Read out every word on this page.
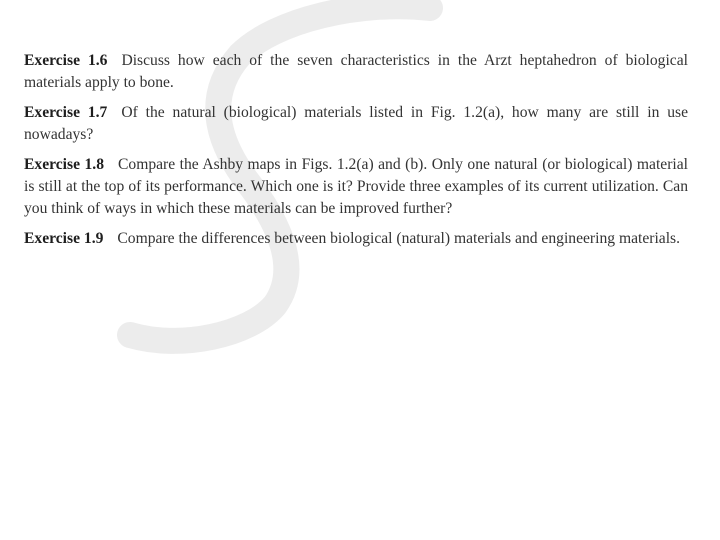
Exercise 1.6 Discuss how each of the seven characteristics in the Arzt heptahedron of biological materials apply to bone.

Exercise 1.7 Of the natural (biological) materials listed in Fig. 1.2(a), how many are still in use nowadays?

Exercise 1.8 Compare the Ashby maps in Figs. 1.2(a) and (b). Only one natural (or biological) material is still at the top of its performance. Which one is it? Provide three examples of its current utilization. Can you think of ways in which these materials can be improved further?

Exercise 1.9 Compare the differences between biological (natural) materials and engineering materials.
